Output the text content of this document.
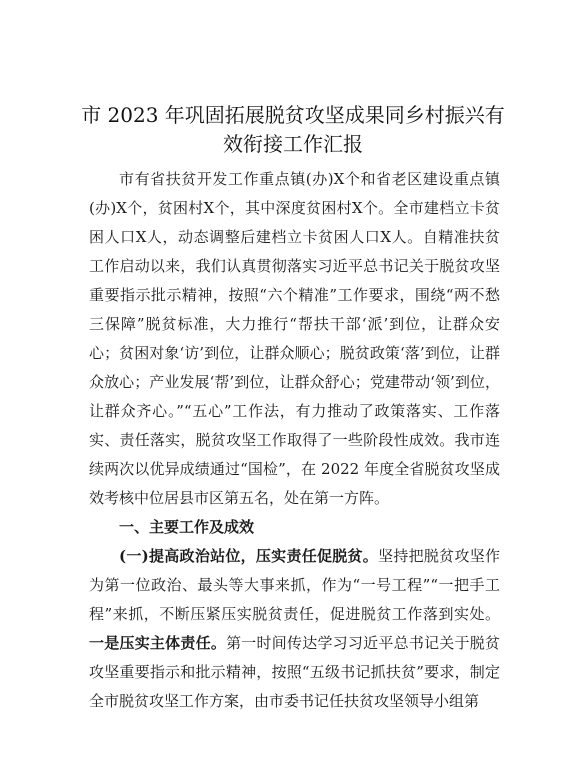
市 2023 年巩固拓展脱贫攻坚成果同乡村振兴有
效衔接工作汇报

市有省扶贫开发工作重点镇(办)X个和省老区建设重点镇(办)X个，贫困村X个，其中深度贫困村X个。全市建档立卡贫困人口X人，动态调整后建档立卡贫困人口X人。自精准扶贫工作启动以来，我们认真贯彻落实习近平总书记关于脱贫攻坚重要指示批示精神，按照“六个精准”工作要求，围绕“两不愁三保障”脱贫标准，大力推行“帮扶干部‘派’到位，让群众安心；贫困对象‘访’到位，让群众顺心；脱贫政策‘落’到位，让群众放心；产业发展‘帮’到位，让群众舒心；党建带动‘领’到位，让群众齐心。”“五心”工作法，有力推动了政策落实、工作落实、责任落实，脱贫攻坚工作取得了一些阶段性成效。我市连续两次以优异成绩通过“国检”，在 2022 年度全省脱贫攻坚成效考核中位居县市区第五名，处在第一方阵。

一、主要工作及成效

(一)提高政治站位，压实责任促脱贫。坚持把脱贫攻坚作为第一位政治、最头等大事来抓，作为“一号工程”“一把手工程”来抓，不断压紧压实脱贫责任，促进脱贫工作落到实处。一是压实主体责任。第一时间传达学习习近平总书记关于脱贫攻坚重要指示和批示精神，按照“五级书记抓扶贫”要求，制定全市脱贫攻坚工作方案，由市委书记任扶贫攻坚领导小组第
